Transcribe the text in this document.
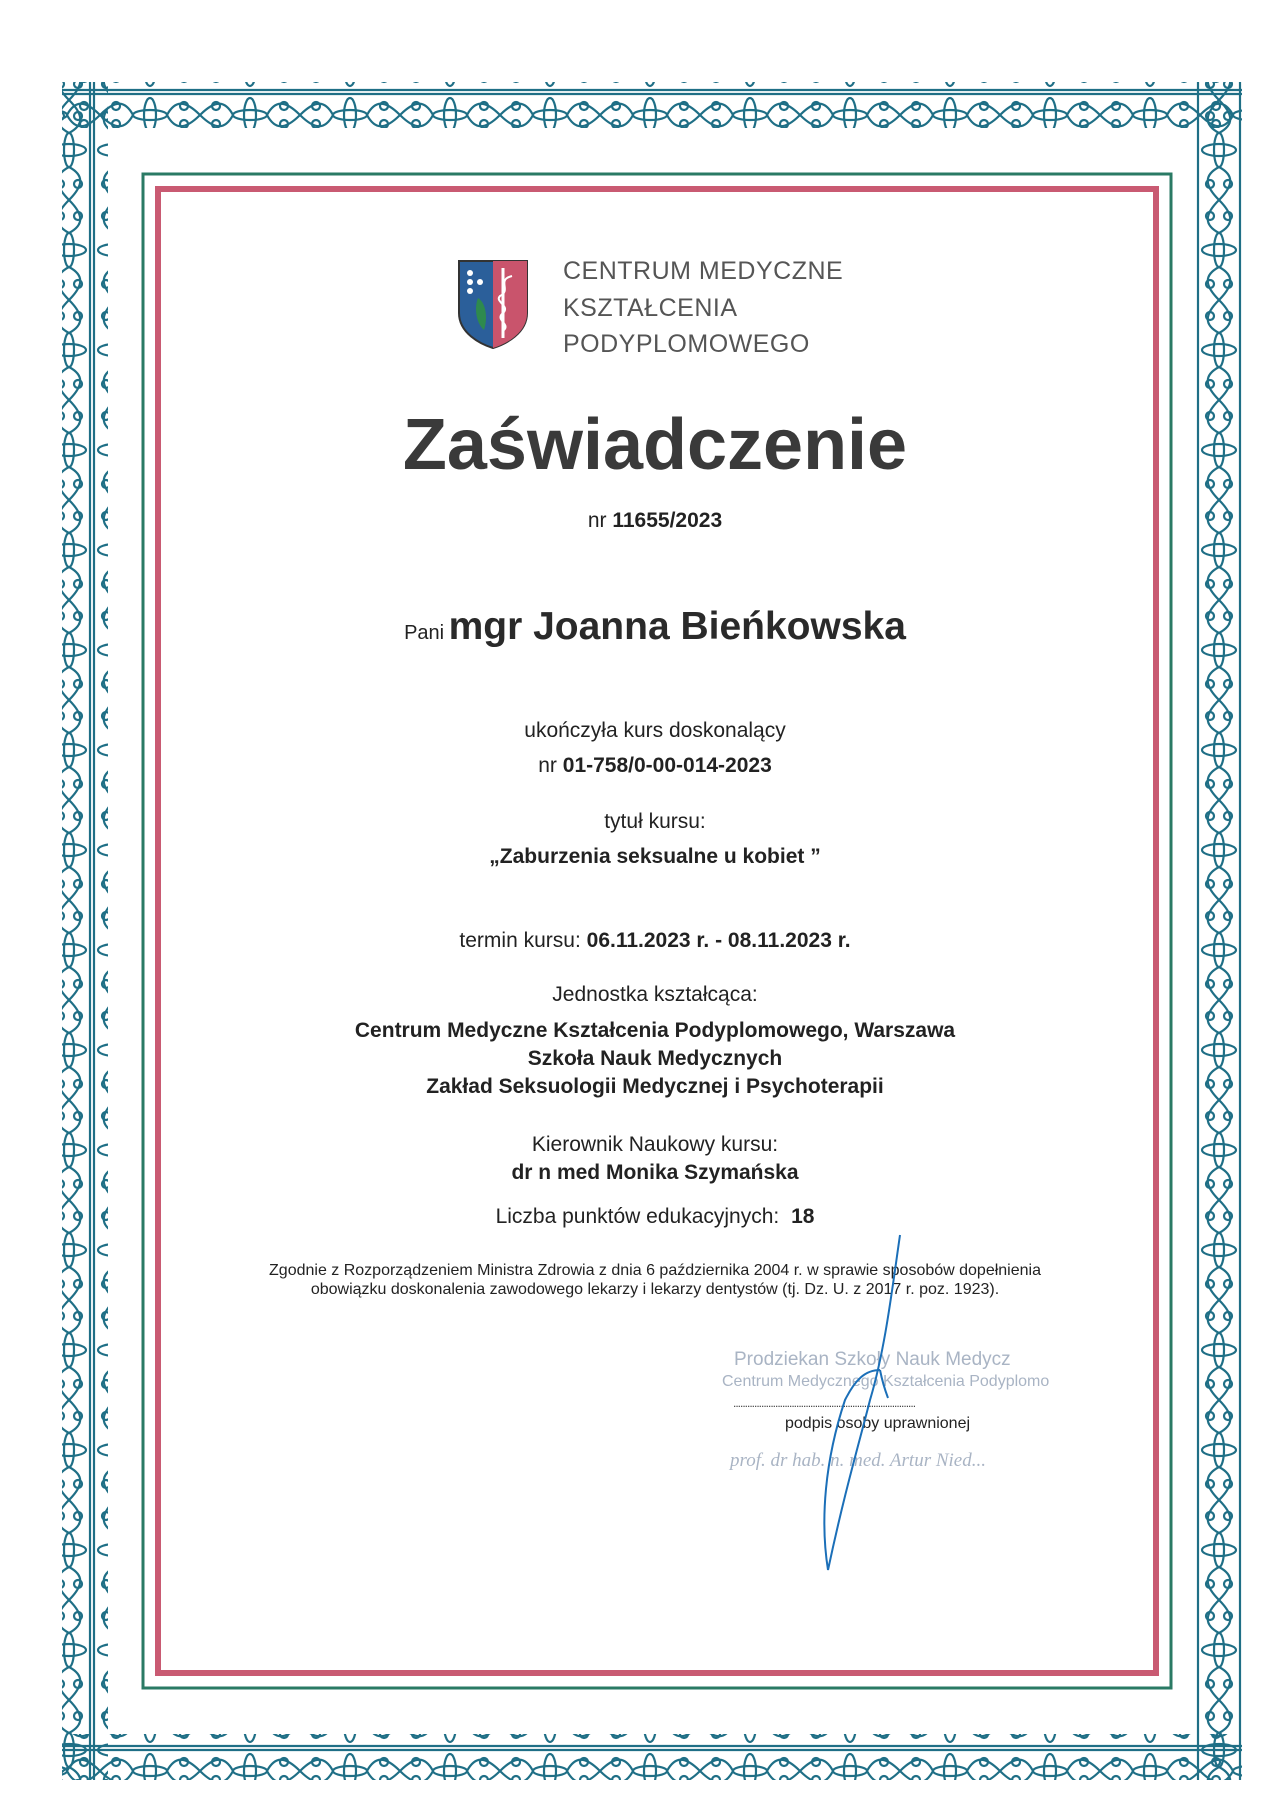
CENTRUM MEDYCZNE
KSZTAŁCENIA
PODYPLOMOWEGO
Zaświadczenie
nr 11655/2023
Pani mgr Joanna Bieńkowska
ukończyła kurs doskonalący
nr 01-758/0-00-014-2023
tytuł kursu:
„Zaburzenia seksualne u kobiet ”
termin kursu: 06.11.2023 r. - 08.11.2023 r.
Jednostka kształcąca:
Centrum Medyczne Kształcenia Podyplomowego, Warszawa
Szkoła Nauk Medycznych
Zakład Seksuologii Medycznej i Psychoterapii
Kierownik Naukowy kursu:
dr n med Monika Szymańska
Liczba punktów edukacyjnych: 18
Zgodnie z Rozporządzeniem Ministra Zdrowia z dnia 6 października 2004 r. w sprawie sposobów dopełnienia
obowiązku doskonalenia zawodowego lekarzy i lekarzy dentystów (tj. Dz. U. z 2017 r. poz. 1923).
Prodziekan Szkoły Nauk Medycz
Centrum Medycznego Kształcenia Podyplomo
..............................................................................
podpis osoby uprawnionej
prof. dr hab. n. med. Artur Nied...
